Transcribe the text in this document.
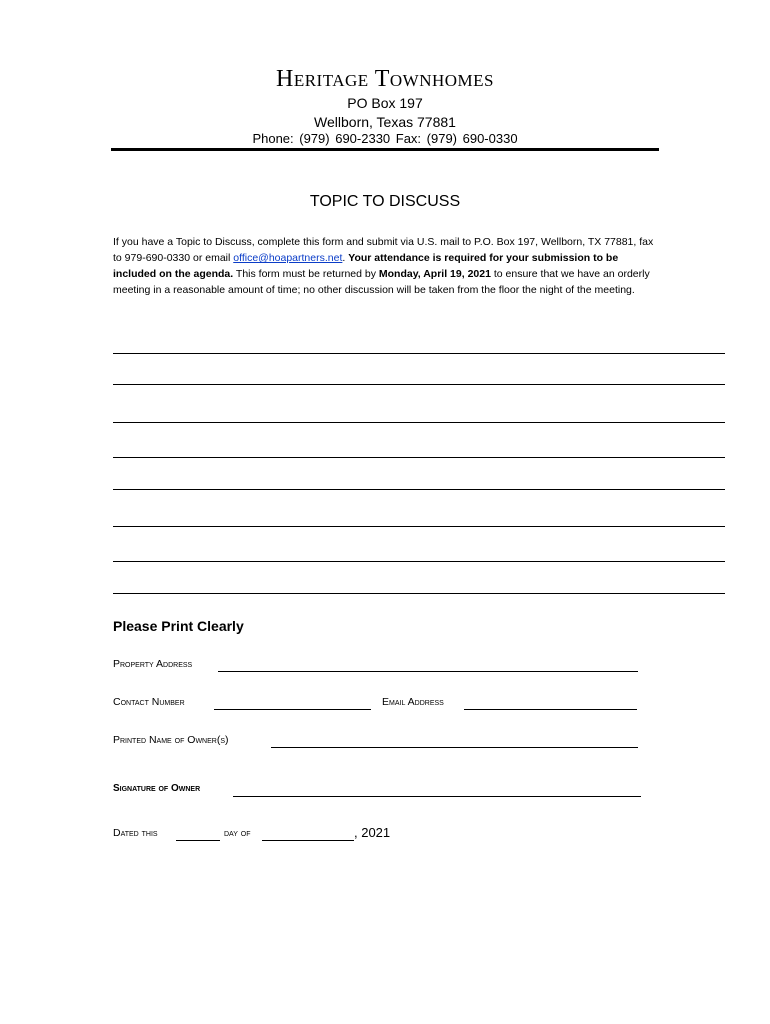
Heritage Townhomes
PO Box 197
Wellborn, Texas 77881
Phone: (979) 690-2330 Fax: (979) 690-0330
TOPIC TO DISCUSS
If you have a Topic to Discuss, complete this form and submit via U.S. mail to P.O. Box 197, Wellborn, TX 77881, fax to 979-690-0330 or email office@hoapartners.net. Your attendance is required for your submission to be included on the agenda. This form must be returned by Monday, April 19, 2021 to ensure that we have an orderly meeting in a reasonable amount of time; no other discussion will be taken from the floor the night of the meeting.
Please Print Clearly
Property Address
Contact Number	Email Address
Printed Name of Owner(s)
Signature of Owner
Dated this	day of	, 2021
